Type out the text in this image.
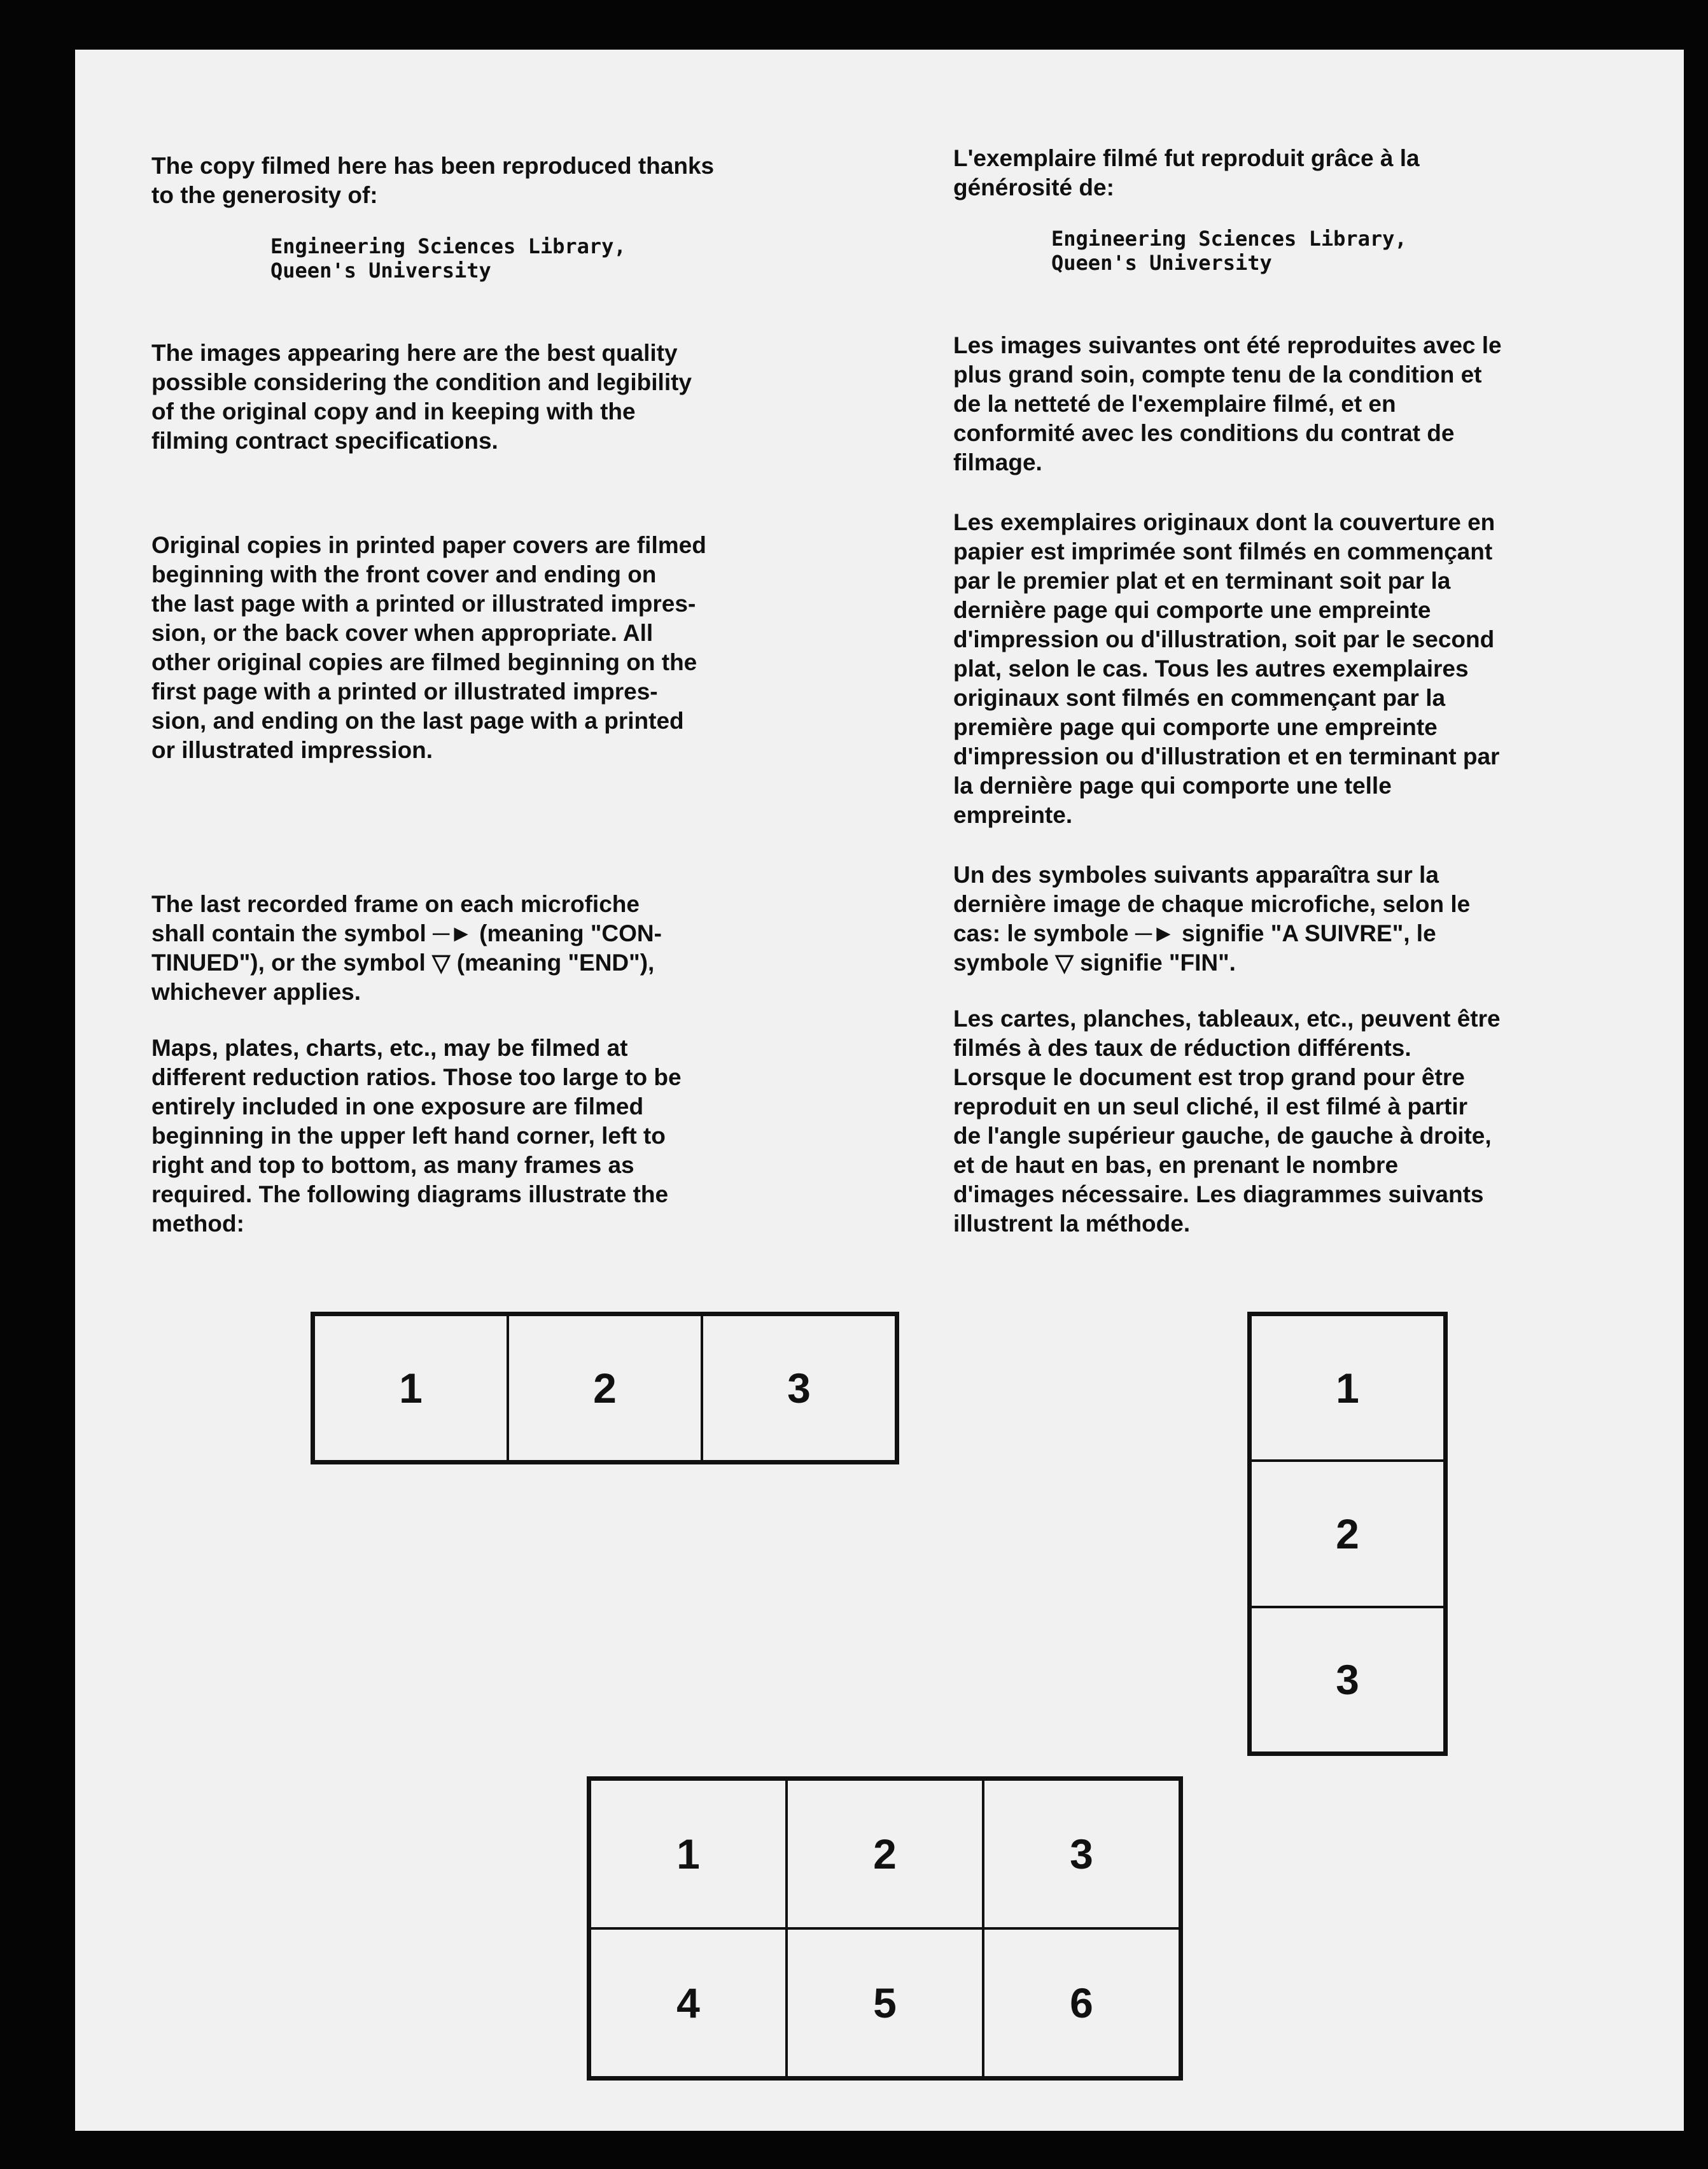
The copy filmed here has been reproduced thanks
to the generosity of:

Engineering Sciences Library,
Queen's University

The images appearing here are the best quality
possible considering the condition and legibility
of the original copy and in keeping with the
filming contract specifications.

Original copies in printed paper covers are filmed
beginning with the front cover and ending on
the last page with a printed or illustrated impres-
sion, or the back cover when appropriate. All
other original copies are filmed beginning on the
first page with a printed or illustrated impres-
sion, and ending on the last page with a printed
or illustrated impression.

The last recorded frame on each microfiche
shall contain the symbol ─► (meaning "CON-
TINUED"), or the symbol ▽ (meaning "END"),
whichever applies.

Maps, plates, charts, etc., may be filmed at
different reduction ratios. Those too large to be
entirely included in one exposure are filmed
beginning in the upper left hand corner, left to
right and top to bottom, as many frames as
required. The following diagrams illustrate the
method:

L'exemplaire filmé fut reproduit grâce à la
générosité de:

Engineering Sciences Library,
Queen's University

Les images suivantes ont été reproduites avec le
plus grand soin, compte tenu de la condition et
de la netteté de l'exemplaire filmé, et en
conformité avec les conditions du contrat de
filmage.

Les exemplaires originaux dont la couverture en
papier est imprimée sont filmés en commençant
par le premier plat et en terminant soit par la
dernière page qui comporte une empreinte
d'impression ou d'illustration, soit par le second
plat, selon le cas. Tous les autres exemplaires
originaux sont filmés en commençant par la
première page qui comporte une empreinte
d'impression ou d'illustration et en terminant par
la dernière page qui comporte une telle
empreinte.

Un des symboles suivants apparaîtra sur la
dernière image de chaque microfiche, selon le
cas: le symbole ─► signifie "A SUIVRE", le
symbole ▽ signifie "FIN".

Les cartes, planches, tableaux, etc., peuvent être
filmés à des taux de réduction différents.
Lorsque le document est trop grand pour être
reproduit en un seul cliché, il est filmé à partir
de l'angle supérieur gauche, de gauche à droite,
et de haut en bas, en prenant le nombre
d'images nécessaire. Les diagrammes suivants
illustrent la méthode.

1	2	3	1
2
3
1	2	3
4	5	6
